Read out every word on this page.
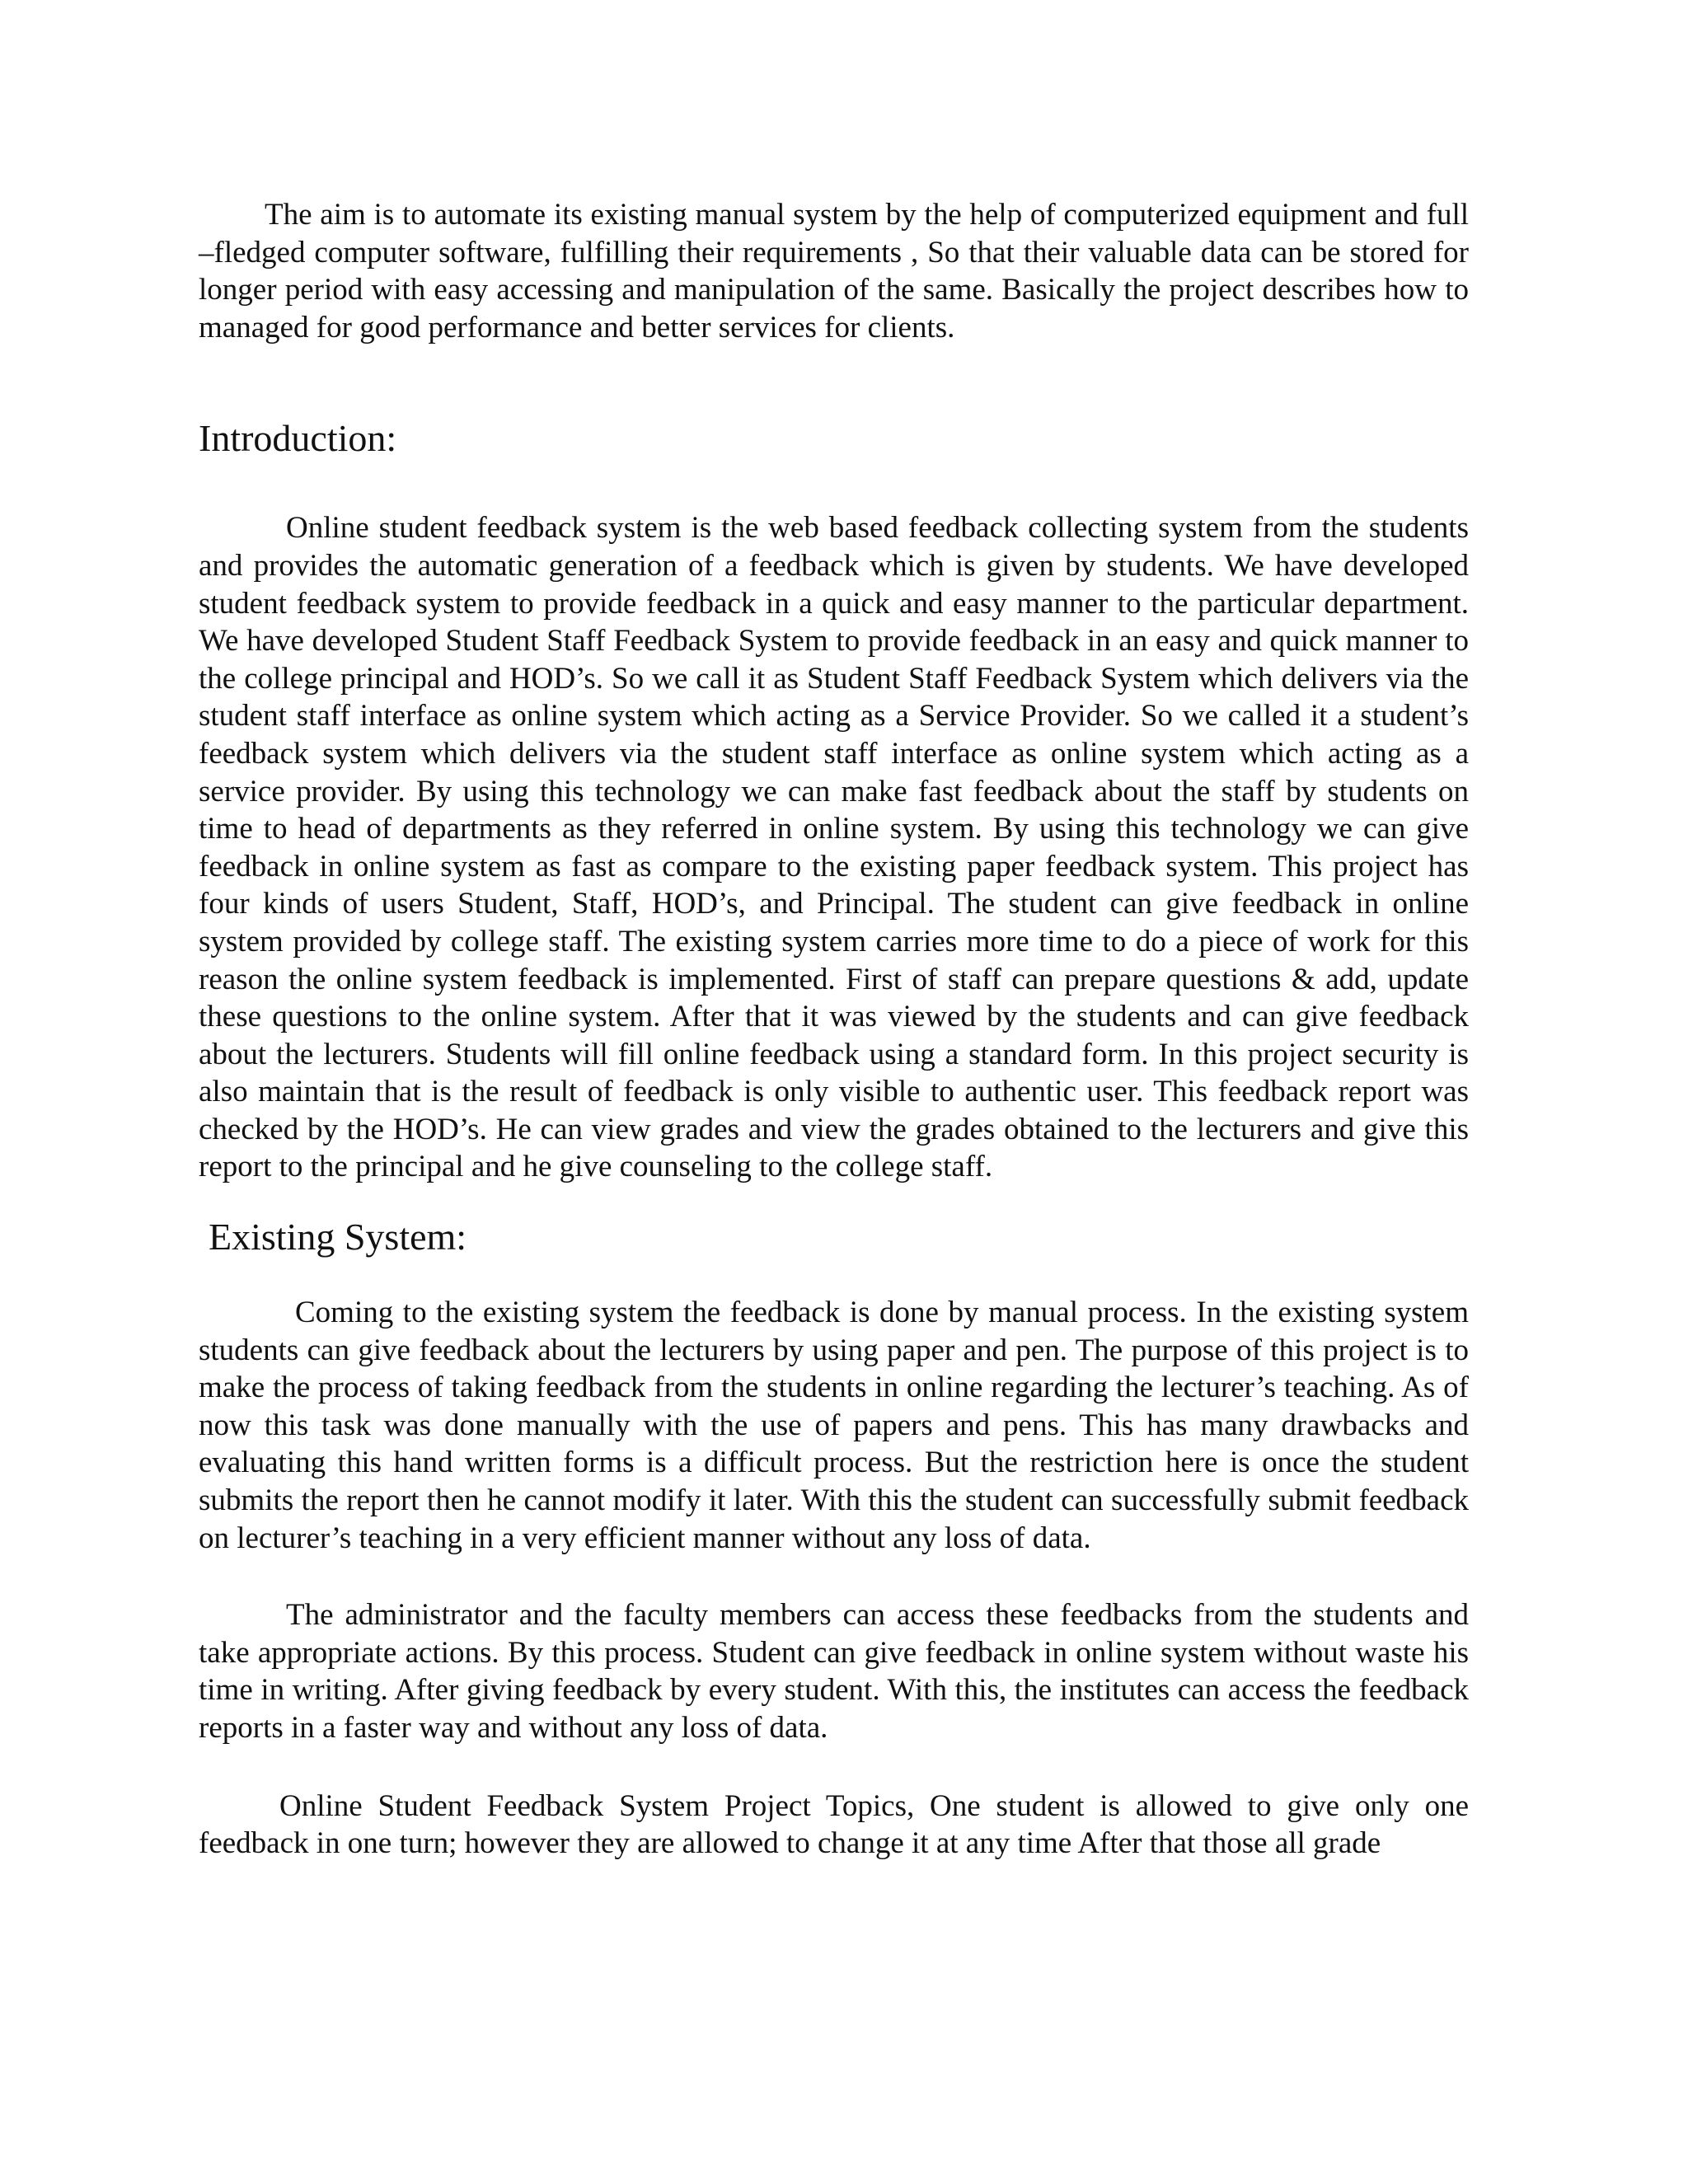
The aim is to automate its existing manual system by the help of computerized equipment and full –fledged computer software, fulfilling their requirements , So that their valuable data can be stored for longer period with easy accessing and manipulation of the same. Basically the project describes how to managed for good performance and better services for clients.

Introduction:

Online student feedback system is the web based feedback collecting system from the students and provides the automatic generation of a feedback which is given by students. We have developed student feedback system to provide feedback in a quick and easy manner to the particular department. We have developed Student Staff Feedback System to provide feedback in an easy and quick manner to the college principal and HOD’s. So we call it as Student Staff Feedback System which delivers via the student staff interface as online system which acting as a Service Provider. So we called it a student’s feedback system which delivers via the student staff interface as online system which acting as a service provider. By using this technology we can make fast feedback about the staff by students on time to head of departments as they referred in online system. By using this technology we can give feedback in online system as fast as compare to the existing paper feedback system. This project has four kinds of users Student, Staff, HOD’s, and Principal. The student can give feedback in online system provided by college staff. The existing system carries more time to do a piece of work for this reason the online system feedback is implemented. First of staff can prepare questions & add, update these questions to the online system. After that it was viewed by the students and can give feedback about the lecturers. Students will fill online feedback using a standard form. In this project security is also maintain that is the result of feedback is only visible to authentic user. This feedback report was checked by the HOD’s. He can view grades and view the grades obtained to the lecturers and give this report to the principal and he give counseling to the college staff.

Existing System:

Coming to the existing system the feedback is done by manual process. In the existing system students can give feedback about the lecturers by using paper and pen. The purpose of this project is to make the process of taking feedback from the students in online regarding the lecturer’s teaching. As of now this task was done manually with the use of papers and pens. This has many drawbacks and evaluating this hand written forms is a difficult process. But the restriction here is once the student submits the report then he cannot modify it later. With this the student can successfully submit feedback on lecturer’s teaching in a very efficient manner without any loss of data.

The administrator and the faculty members can access these feedbacks from the students and take appropriate actions. By this process. Student can give feedback in online system without waste his time in writing. After giving feedback by every student. With this, the institutes can access the feedback reports in a faster way and without any loss of data.

Online Student Feedback System Project Topics, One student is allowed to give only one feedback in one turn; however they are allowed to change it at any time After that those all grade
